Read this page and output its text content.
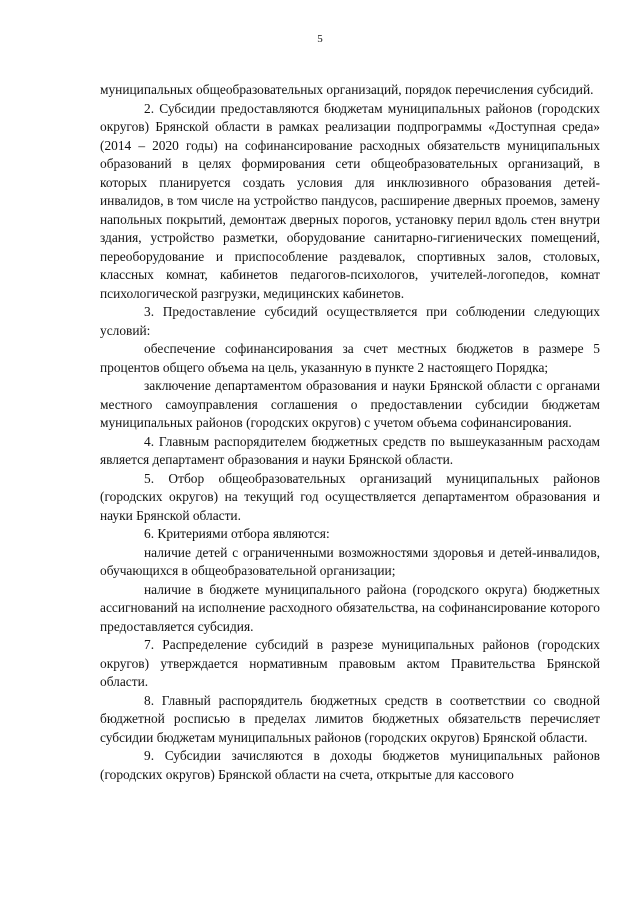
5

муниципальных общеобразовательных организаций, порядок перечисления субсидий.

2. Субсидии предоставляются бюджетам муниципальных районов (городских округов) Брянской области в рамках реализации подпрограммы «Доступная среда» (2014 – 2020 годы) на софинансирование расходных обязательств муниципальных образований в целях формирования сети общеобразовательных организаций, в которых планируется создать условия для инклюзивного образования детей-инвалидов, в том числе на устройство пандусов, расширение дверных проемов, замену напольных покрытий, демонтаж дверных порогов, установку перил вдоль стен внутри здания, устройство разметки, оборудование санитарно-гигиенических помещений, переоборудование и приспособление раздевалок, спортивных залов, столовых, классных комнат, кабинетов педагогов-психологов, учителей-логопедов, комнат психологической разгрузки, медицинских кабинетов.

3. Предоставление субсидий осуществляется при соблюдении следующих условий:

обеспечение софинансирования за счет местных бюджетов в размере 5 процентов общего объема на цель, указанную в пункте 2 настоящего Порядка;

заключение департаментом образования и науки Брянской области с органами местного самоуправления соглашения о предоставлении субсидии бюджетам муниципальных районов (городских округов) с учетом объема софинансирования.

4. Главным распорядителем бюджетных средств по вышеуказанным расходам является департамент образования и науки Брянской области.

5. Отбор общеобразовательных организаций муниципальных районов (городских округов) на текущий год осуществляется департаментом образования и науки Брянской области.

6. Критериями отбора являются:

наличие детей с ограниченными возможностями здоровья и детей-инвалидов, обучающихся в общеобразовательной организации;

наличие в бюджете муниципального района (городского округа) бюджетных ассигнований на исполнение расходного обязательства, на софинансирование которого предоставляется субсидия.

7. Распределение субсидий в разрезе муниципальных районов (городских округов) утверждается нормативным правовым актом Правительства Брянской области.

8. Главный распорядитель бюджетных средств в соответствии со сводной бюджетной росписью в пределах лимитов бюджетных обязательств перечисляет субсидии бюджетам муниципальных районов (городских округов) Брянской области.

9. Субсидии зачисляются в доходы бюджетов муниципальных районов (городских округов) Брянской области на счета, открытые для кассового
